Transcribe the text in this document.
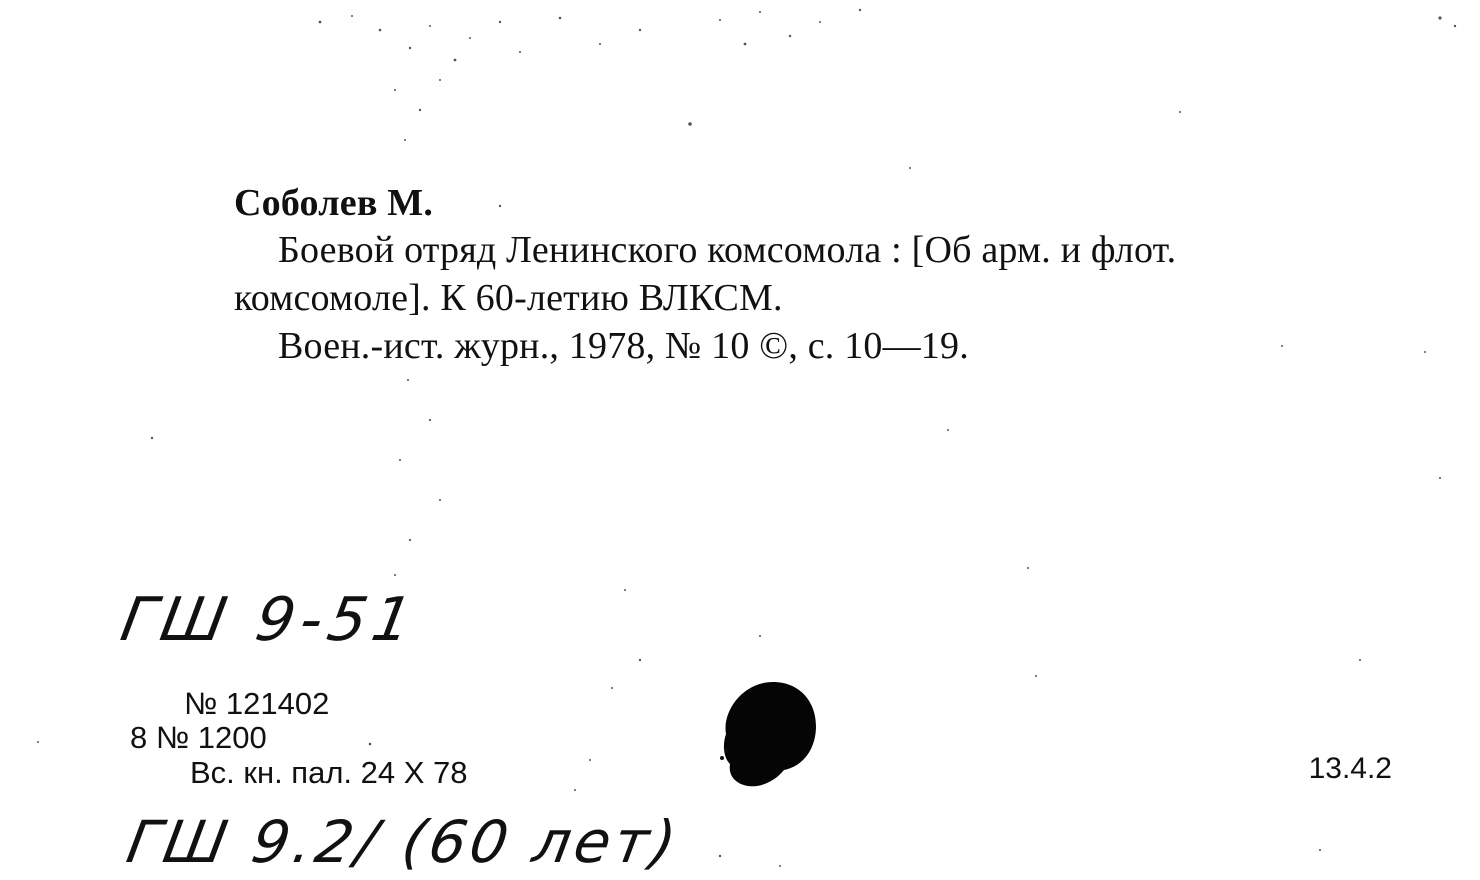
Соболев М.
Боевой отряд Ленинского комсомола : [Об арм. и флот.
комсомоле]. К 60-летию ВЛКСМ.
Воен.-ист. журн., 1978, № 10 ©, с. 10—19.
ГШ 9-51
№ 121402
8 № 1200
Вс. кн. пал. 24 X 78	13.4.2
ГШ 9.2/ (60 лет)
